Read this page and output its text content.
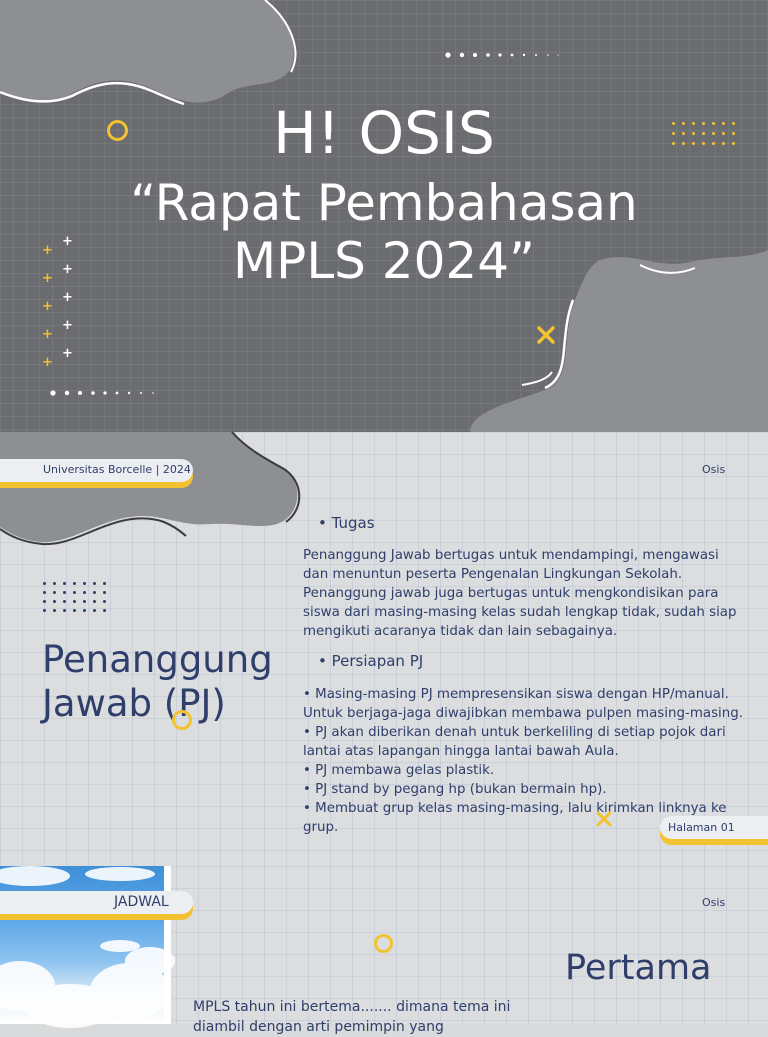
+
+
+
+
+
+
+
+
+
+
H! OSIS
“Rapat Pembahasan
MPLS 2024”
Universitas Borcelle | 2024	Osis
Penanggung
Jawab (PJ)
• Tugas
Penanggung Jawab bertugas untuk mendampingi, mengawasi dan menuntun peserta Pengenalan Lingkungan Sekolah. Penanggung jawab juga bertugas untuk mengkondisikan para siswa dari masing-masing kelas sudah lengkap tidak, sudah siap mengikuti acaranya tidak dan lain sebagainya.
• Persiapan PJ
• Masing-masing PJ mempresensikan siswa dengan HP/manual. Untuk berjaga-jaga diwajibkan membawa pulpen masing-masing.
• PJ akan diberikan denah untuk berkeliling di setiap pojok dari lantai atas lapangan hingga lantai bawah Aula.
• PJ membawa gelas plastik.
• PJ stand by pegang hp (bukan bermain hp).
• Membuat grup kelas masing-masing, lalu kirimkan linknya ke grup.	Halaman 01
JADWAL	Osis
Pertama
MPLS tahun ini bertema....... dimana tema ini diambil dengan arti pemimpin yang
